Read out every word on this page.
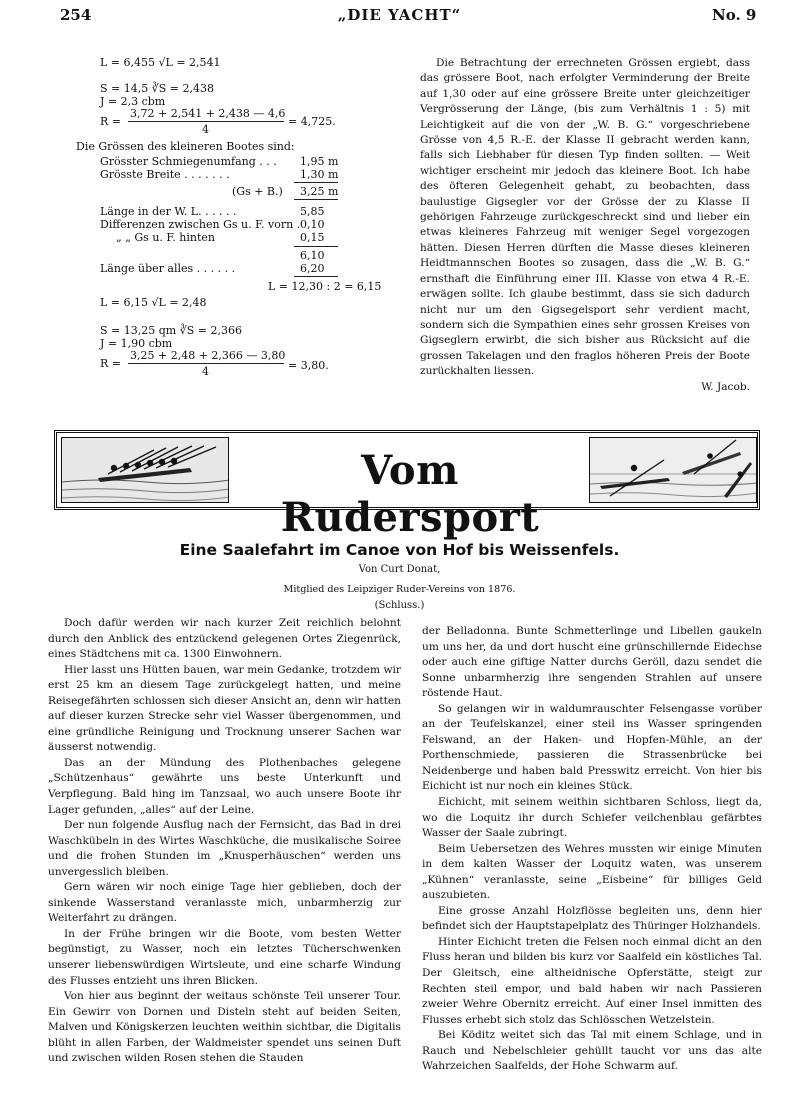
254	„DIE YACHT“	No. 9
L = 6,455 √L = 2,541
S = 14,5 ∛S = 2,438
J = 2,3 cbm
R =
3,72 + 2,541 + 2,438 — 4,6
4
= 4,725.
Die Grössen des kleineren Bootes sind:
Grösster Schmiegenumfang . . . 1,95 m
Grösste Breite . . . . . . .	1,30 m
(Gs + B.) 3,25 m
Länge in der W. L. . . . . .	5,85
Differenzen zwischen Gs u. F. vorn . 0,10
„ „ Gs u. F. hinten	0,15
6,10
Länge über alles . . . . . .	6,20
L = 12,30 : 2 = 6,15
L = 6,15 √L = 2,48
S = 13,25 qm ∛S = 2,366
J = 1,90 cbm
R =
3,25 + 2,48 + 2,366 — 3,80
4	= 3,80.

Die Betrachtung der errechneten Grössen ergiebt, dass das grössere Boot, nach erfolgter Verminderung der Breite auf 1,30 oder auf eine grössere Breite unter gleichzeitiger Vergrösserung der Länge, (bis zum Verhältnis 1 : 5) mit Leichtigkeit auf die von der „W. B. G.“ vorgeschriebene Grösse von 4,5 R.-E. der Klasse II gebracht werden kann, falls sich Liebhaber für diesen Typ finden sollten. — Weit wichtiger erscheint mir jedoch das kleinere Boot. Ich habe des öfteren Gelegenheit gehabt, zu beobachten, dass baulustige Gigsegler vor der Grösse der zu Klasse II gehörigen Fahrzeuge zurückgeschreckt sind und lieber ein etwas kleineres Fahrzeug mit weniger Segel vorgezogen hätten. Diesen Herren dürften die Masse dieses kleineren Heidtmannschen Bootes so zusagen, dass die „W. B. G.“ ernsthaft die Einführung einer III. Klasse von etwa 4 R.-E. erwägen sollte. Ich glaube bestimmt, dass sie sich dadurch nicht nur um den Gigsegelsport sehr verdient macht, sondern sich die Sympathien eines sehr grossen Kreises von Gigseglern erwirbt, die sich bisher aus Rücksicht auf die grossen Takelagen und den fraglos höheren Preis der Boote zurückhalten liessen.

W. Jacob.
Vom Rudersport
Eine Saalefahrt im Canoe von Hof bis Weissenfels.
Von Curt Donat,
Mitglied des Leipziger Ruder-Vereins von 1876.
(Schluss.)

Doch dafür werden wir nach kurzer Zeit reichlich belohnt durch den Anblick des entzückend gelegenen Ortes Ziegenrück, eines Städtchens mit ca. 1300 Einwohnern.

Hier lasst uns Hütten bauen, war mein Gedanke, trotzdem wir erst 25 km an diesem Tage zurückgelegt hatten, und meine Reisegefährten schlossen sich dieser Ansicht an, denn wir hatten auf dieser kurzen Strecke sehr viel Wasser übergenommen, und eine gründliche Reinigung und Trocknung unserer Sachen war äusserst notwendig.

Das an der Mündung des Plothenbaches gelegene „Schützenhaus“ gewährte uns beste Unterkunft und Verpflegung. Bald hing im Tanzsaal, wo auch unsere Boote ihr Lager gefunden, „alles“ auf der Leine.

Der nun folgende Ausflug nach der Fernsicht, das Bad in drei Waschkübeln in des Wirtes Waschküche, die musikalische Soiree und die frohen Stunden im „Knusperhäuschen“ werden uns unvergesslich bleiben.

Gern wären wir noch einige Tage hier geblieben, doch der sinkende Wasserstand veranlasste mich, unbarmherzig zur Weiterfahrt zu drängen.

In der Frühe bringen wir die Boote, vom besten Wetter begünstigt, zu Wasser, noch ein letztes Tücherschwenken unserer liebenswürdigen Wirtsleute, und eine scharfe Windung des Flusses entzieht uns ihren Blicken.

Von hier aus beginnt der weitaus schönste Teil unserer Tour. Ein Gewirr von Dornen und Disteln steht auf beiden Seiten, Malven und Königskerzen leuchten weithin sichtbar, die Digitalis blüht in allen Farben, der Waldmeister spendet uns seinen Duft und zwischen wilden Rosen stehen die Stauden

der Belladonna. Bunte Schmetterlinge und Libellen gaukeln um uns her, da und dort huscht eine grünschillernde Eidechse oder auch eine giftige Natter durchs Geröll, dazu sendet die Sonne unbarmherzig ihre sengenden Strahlen auf unsere röstende Haut.

So gelangen wir in waldumrauschter Felsengasse vorüber an der Teufelskanzel, einer steil ins Wasser springenden Felswand, an der Haken- und Hopfen-Mühle, an der Porthenschmiede, passieren die Strassenbrücke bei Neidenberge und haben bald Presswitz erreicht. Von hier bis Eichicht ist nur noch ein kleines Stück.

Eichicht, mit seinem weithin sichtbaren Schloss, liegt da, wo die Loquitz ihr durch Schiefer veilchenblau gefärbtes Wasser der Saale zubringt.

Beim Uebersetzen des Wehres mussten wir einige Minuten in dem kalten Wasser der Loquitz waten, was unserem „Kühnen“ veranlasste, seine „Eisbeine“ für billiges Geld auszubieten.

Eine grosse Anzahl Holzflösse begleiten uns, denn hier befindet sich der Hauptstapelplatz des Thüringer Holzhandels.

Hinter Eichicht treten die Felsen noch einmal dicht an den Fluss heran und bilden bis kurz vor Saalfeld ein köstliches Tal. Der Gleitsch, eine altheidnische Opferstätte, steigt zur Rechten steil empor, und bald haben wir nach Passieren zweier Wehre Obernitz erreicht. Auf einer Insel inmitten des Flusses erhebt sich stolz das Schlösschen Wetzelstein.

Bei Köditz weitet sich das Tal mit einem Schlage, und in Rauch und Nebelschleier gehüllt taucht vor uns das alte Wahrzeichen Saalfelds, der Hohe Schwarm auf.
